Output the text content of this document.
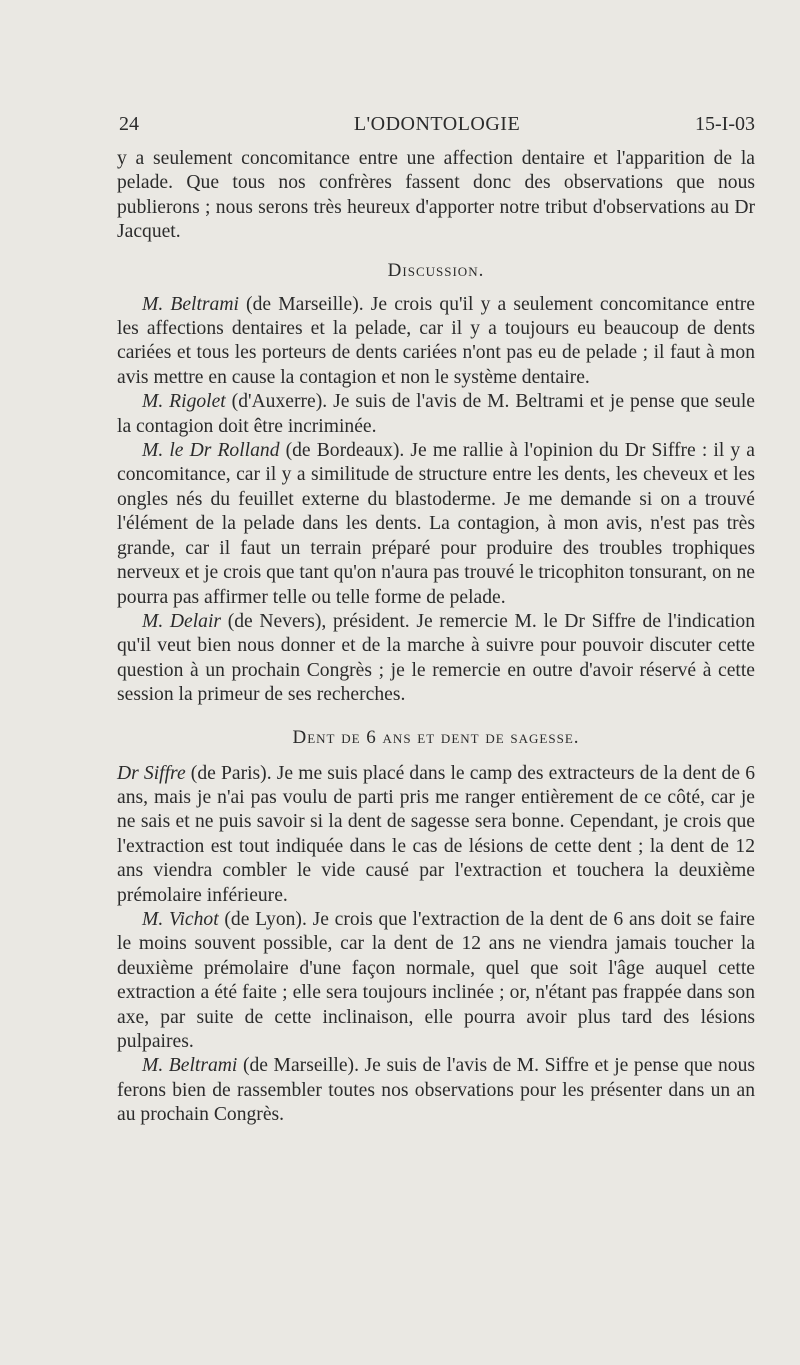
24	L'ODONTOLOGIE	15-I-03

y a seulement concomitance entre une affection dentaire et l'apparition de la pelade. Que tous nos confrères fassent donc des observations que nous publierons ; nous serons très heureux d'apporter notre tribut d'observations au Dr Jacquet.

Discussion.

M. Beltrami (de Marseille). Je crois qu'il y a seulement concomitance entre les affections dentaires et la pelade, car il y a toujours eu beaucoup de dents cariées et tous les porteurs de dents cariées n'ont pas eu de pelade ; il faut à mon avis mettre en cause la contagion et non le système dentaire.

M. Rigolet (d'Auxerre). Je suis de l'avis de M. Beltrami et je pense que seule la contagion doit être incriminée.

M. le Dr Rolland (de Bordeaux). Je me rallie à l'opinion du Dr Siffre : il y a concomitance, car il y a similitude de structure entre les dents, les cheveux et les ongles nés du feuillet externe du blastoderme. Je me demande si on a trouvé l'élément de la pelade dans les dents. La contagion, à mon avis, n'est pas très grande, car il faut un terrain préparé pour produire des troubles trophiques nerveux et je crois que tant qu'on n'aura pas trouvé le tricophiton tonsurant, on ne pourra pas affirmer telle ou telle forme de pelade.

M. Delair (de Nevers), président. Je remercie M. le Dr Siffre de l'indication qu'il veut bien nous donner et de la marche à suivre pour pouvoir discuter cette question à un prochain Congrès ; je le remercie en outre d'avoir réservé à cette session la primeur de ses recherches.

Dent de 6 ans et dent de sagesse.

Dr Siffre (de Paris). Je me suis placé dans le camp des extracteurs de la dent de 6 ans, mais je n'ai pas voulu de parti pris me ranger entièrement de ce côté, car je ne sais et ne puis savoir si la dent de sagesse sera bonne. Cependant, je crois que l'extraction est tout indiquée dans le cas de lésions de cette dent ; la dent de 12 ans viendra combler le vide causé par l'extraction et touchera la deuxième prémolaire inférieure.

M. Vichot (de Lyon). Je crois que l'extraction de la dent de 6 ans doit se faire le moins souvent possible, car la dent de 12 ans ne viendra jamais toucher la deuxième prémolaire d'une façon normale, quel que soit l'âge auquel cette extraction a été faite ; elle sera toujours inclinée ; or, n'étant pas frappée dans son axe, par suite de cette inclinaison, elle pourra avoir plus tard des lésions pulpaires.

M. Beltrami (de Marseille). Je suis de l'avis de M. Siffre et je pense que nous ferons bien de rassembler toutes nos observations pour les présenter dans un an au prochain Congrès.
